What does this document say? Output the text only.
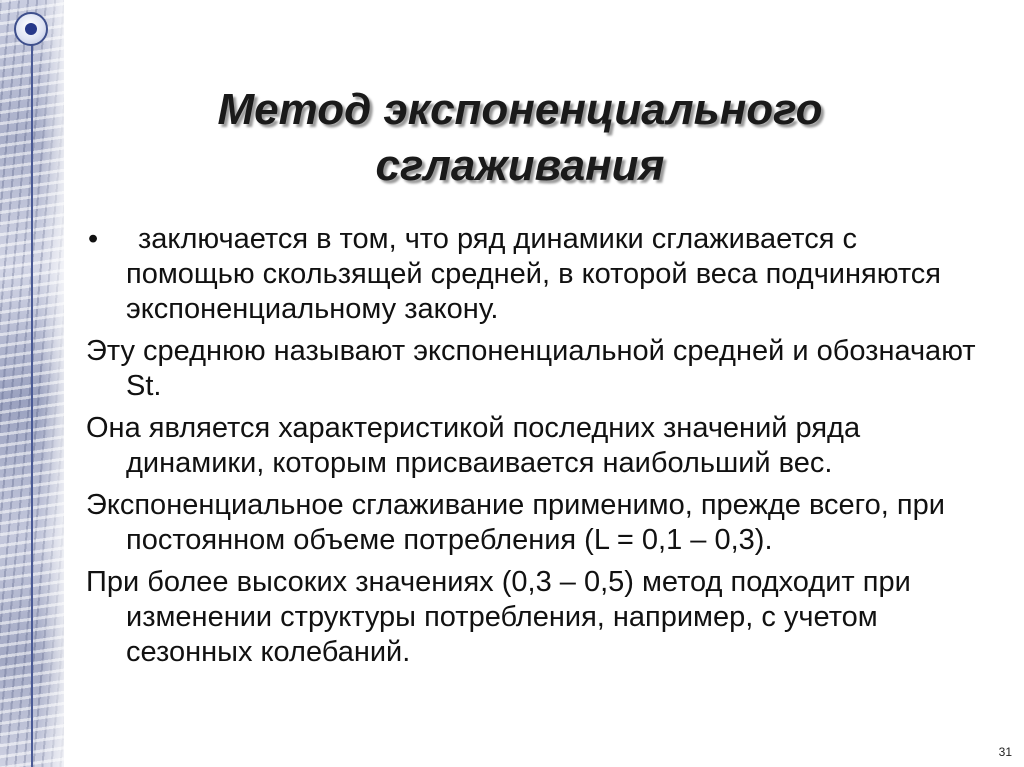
Метод экспоненциального сглаживания
•	заключается в том, что ряд динамики сглаживается с помощью скользящей средней, в которой веса подчиняются экспоненциальному закону.

Эту среднюю называют экспоненциальной средней и обозначают St.

Она является характеристикой последних значений ряда динамики, которым присваивается наибольший вес.

Экспоненциальное сглаживание применимо, прежде всего, при постоянном объеме потребления (L = 0,1 – 0,3).

При более высоких значениях (0,3 – 0,5) метод подходит при изменении структуры потребления, например, с учетом сезонных колебаний.

31
